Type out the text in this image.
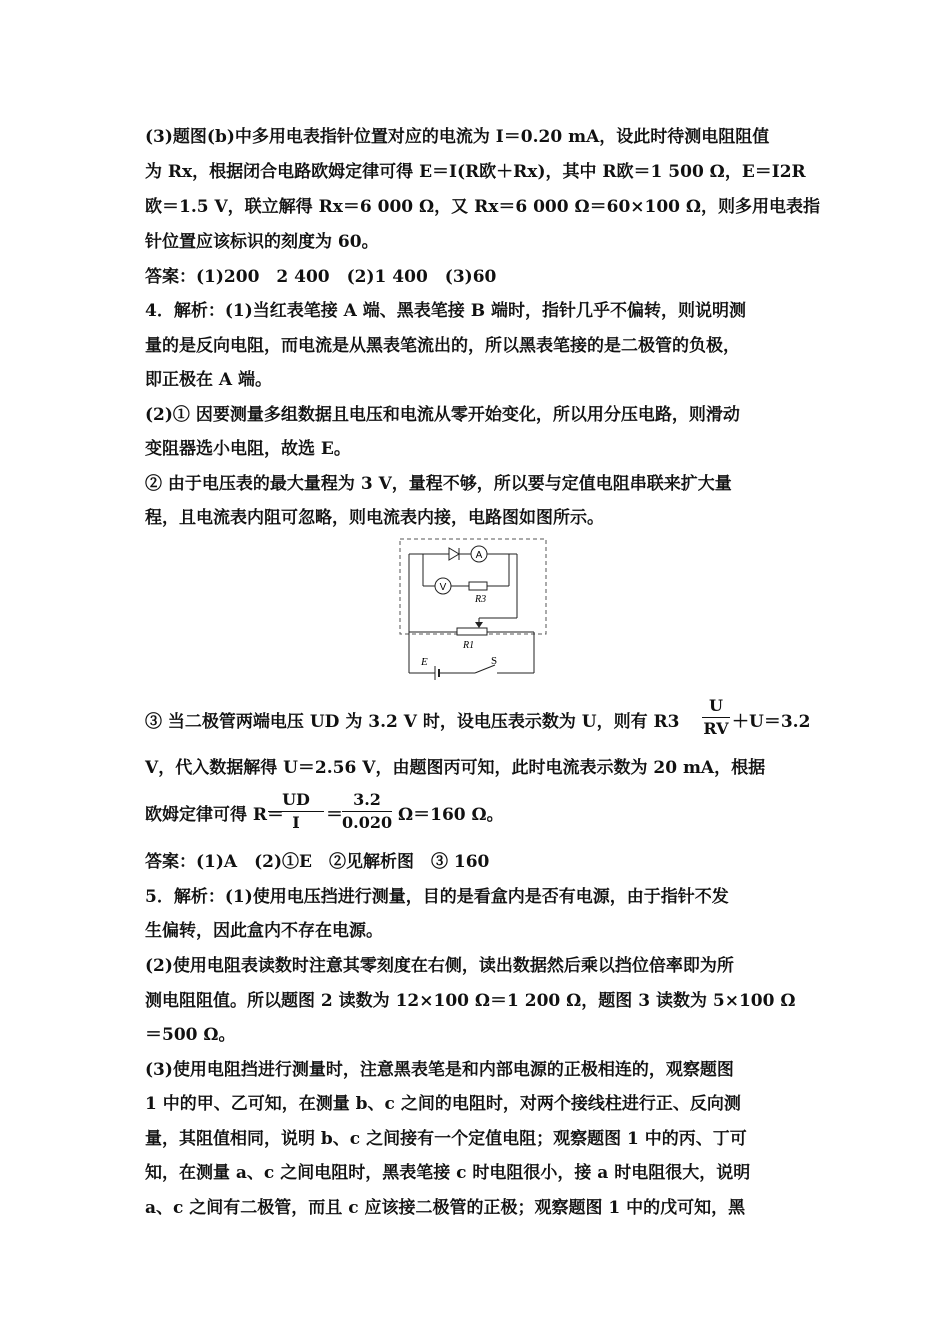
(3)题图(b)中多用电表指针位置对应的电流为 I＝0.20 mA，设此时待测电阻阻值
为 Rx，根据闭合电路欧姆定律可得 E＝I(R欧＋Rx)，其中 R欧＝1 500 Ω，E＝I2R
欧＝1.5 V，联立解得 Rx＝6 000 Ω，又 Rx＝6 000 Ω＝60×100 Ω，则多用电表指
针位置应该标识的刻度为 60。
答案：(1)200　2 400　(2)1 400　(3)60
4．解析：(1)当红表笔接 A 端、黑表笔接 B 端时，指针几乎不偏转，则说明测
量的是反向电阻，而电流是从黑表笔流出的，所以黑表笔接的是二极管的负极，
即正极在 A 端。
(2)① 因要测量多组数据且电压和电流从零开始变化，所以用分压电路，则滑动
变阻器选小电阻，故选 E。
② 由于电压表的最大量程为 3 V，量程不够，所以要与定值电阻串联来扩大量
程，且电流表内阻可忽略，则电流表内接，电路图如图所示。
A
V
R3
R1
E	S
③ 当二极管两端电压 UD 为 3.2 V 时，设电压表示数为 U，则有 R3
U
RV ＋U＝3.2
V，代入数据解得 U＝2.56 V，由题图丙可知，此时电流表示数为 20 mA，根据
欧姆定律可得 R＝
UD
I	＝
3.2
0.020 Ω＝160 Ω。
答案：(1)A　(2)①E　②见解析图　③ 160
5．解析：(1)使用电压挡进行测量，目的是看盒内是否有电源，由于指针不发
生偏转，因此盒内不存在电源。
(2)使用电阻表读数时注意其零刻度在右侧，读出数据然后乘以挡位倍率即为所
测电阻阻值。所以题图 2 读数为 12×100 Ω＝1 200 Ω，题图 3 读数为 5×100 Ω
＝500 Ω。
(3)使用电阻挡进行测量时，注意黑表笔是和内部电源的正极相连的，观察题图
1 中的甲、乙可知，在测量 b、c 之间的电阻时，对两个接线柱进行正、反向测
量，其阻值相同，说明 b、c 之间接有一个定值电阻；观察题图 1 中的丙、丁可
知，在测量 a、c 之间电阻时，黑表笔接 c 时电阻很小，接 a 时电阻很大，说明
a、c 之间有二极管，而且 c 应该接二极管的正极；观察题图 1 中的戊可知，黑
